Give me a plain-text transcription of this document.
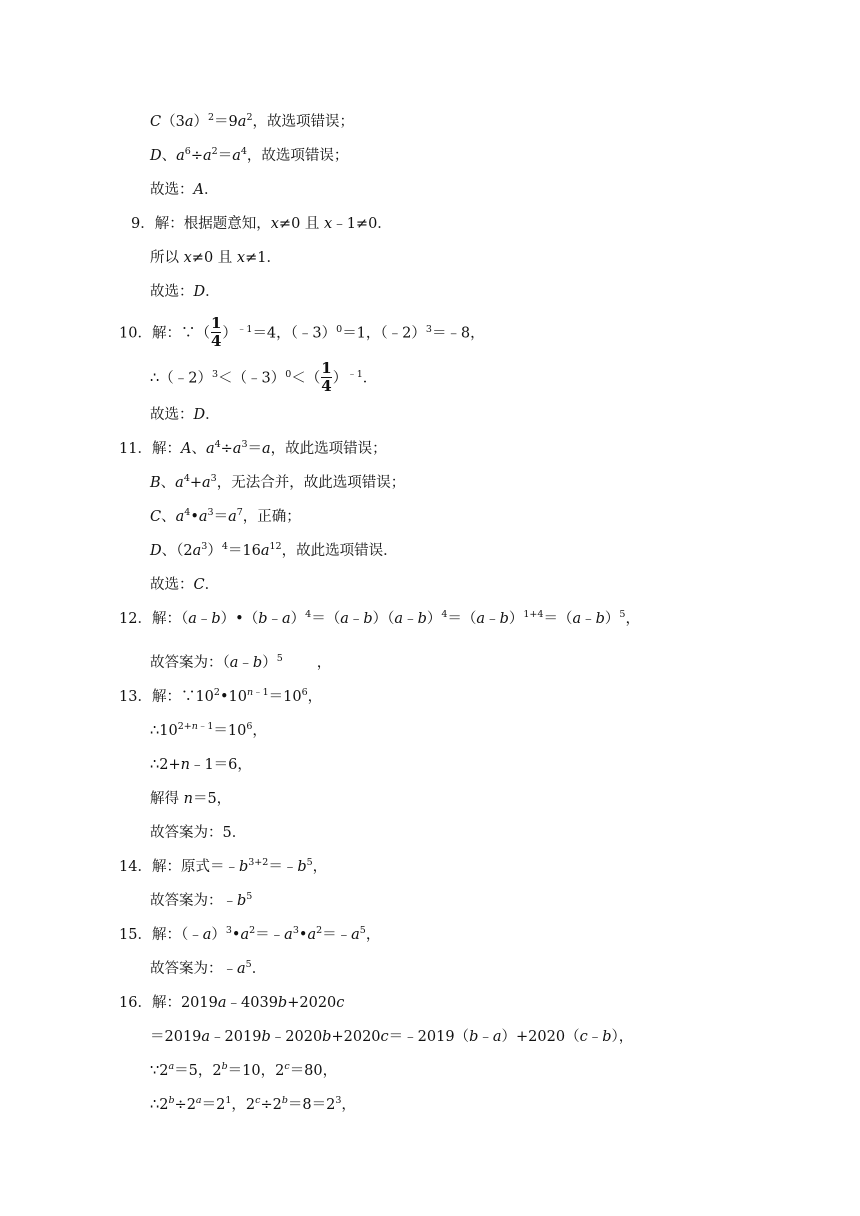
$C(3a)^2=9a^2$，故选项错误；
D、$a^6\div a^2=a^4$，故选项错误；
故选：A．
9．解：根据题意知，x≠0 且 x﹣1≠0．
所以 x≠0 且 x≠1．
故选：D．
10．解：∵（ $\frac{1}{4} )^{﹣1}=4$，（﹣3）$^0$＝1，（﹣2）$^3$＝﹣8，
∴（﹣2）$^3$＜（﹣3）$^0$＜（ $\frac{1}{4} )^{﹣1}$．
故选：D．
11．解：A、$a^4\div a^3=a$，故此选项错误；
B、$a^4+a^3$，无法合并，故此选项错误；
C、$a^4•a^3=a^7$，正确；
D、$(2a^3)^4=16a^{12}$，故此选项错误．
故选：C．
12．解：（a﹣b）•（b﹣a）$^4$＝（a﹣b）（a﹣b）$^4$＝（a﹣b）$^{1+4}$＝（a﹣b）$^5$，
故答案为：（a﹣b）$^5$ ，
13．解：$\because 10^2•10^{n﹣1}=10^6$，
$\therefore 10^{2+n﹣1}=10^6$，
∴2+n﹣1＝6，
解得 n＝5，
故答案为：5．
14．解：原式$=﹣b^{3+2}=﹣b^5$，
故答案为：$﹣b^5$
15．解：$(﹣a)^3•a^2=﹣a^3•a^2=﹣a^5$，
故答案为：$﹣a^5$．
16．解：2019a﹣4039b+2020c
＝2019a﹣2019b﹣2020b+2020c＝﹣2019（b﹣a）+2020（c﹣b），
$\because 2^a=5$，$2^b=10$，$2^c=80$，
$\therefore 2^b\div 2^a=2^1$，$2^c\div 2^b=8=2^3$，
